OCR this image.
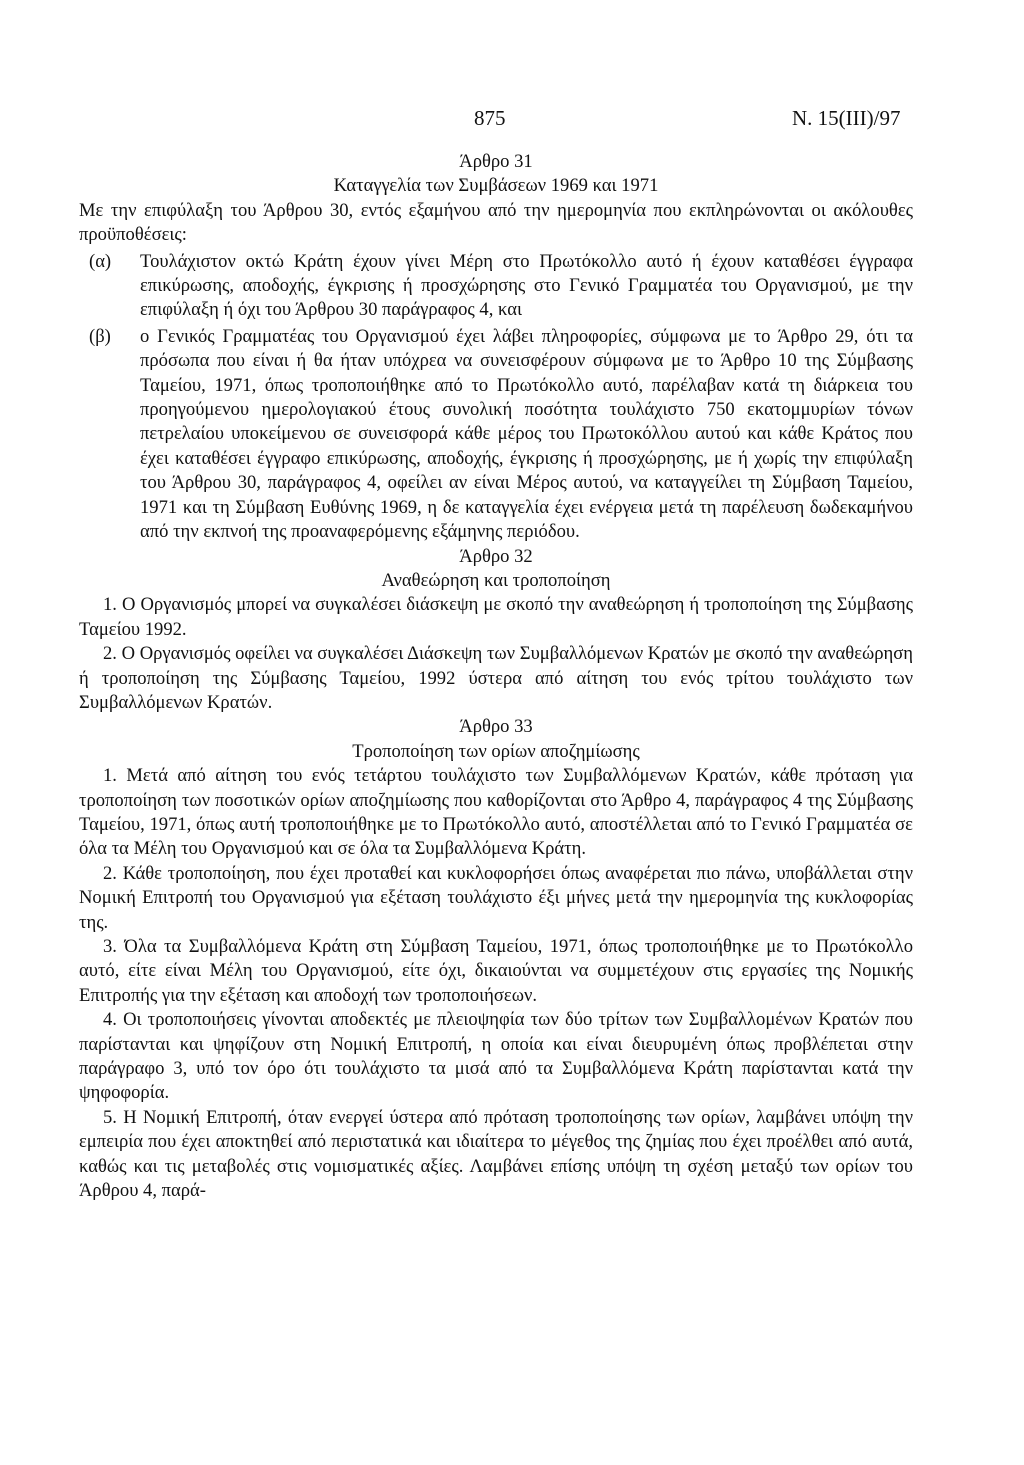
875	Ν. 15(III)/97

Άρθρο 31

Καταγγελία των Συμβάσεων 1969 και 1971

Με την επιφύλαξη του Άρθρου 30, εντός εξαμήνου από την ημερομηνία που εκπληρώνονται οι ακόλουθες προϋποθέσεις:

(α) Τουλάχιστον οκτώ Κράτη έχουν γίνει Μέρη στο Πρωτόκολλο αυτό ή έχουν καταθέσει έγγραφα επικύρωσης, αποδοχής, έγκρισης ή προσχώρησης στο Γενικό Γραμματέα του Οργανισμού, με την επιφύλαξη ή όχι του Άρθρου 30 παράγραφος 4, και

(β) ο Γενικός Γραμματέας του Οργανισμού έχει λάβει πληροφορίες, σύμφωνα με το Άρθρο 29, ότι τα πρόσωπα που είναι ή θα ήταν υπόχρεα να συνεισφέρουν σύμφωνα με το Άρθρο 10 της Σύμβασης Ταμείου, 1971, όπως τροποποιήθηκε από το Πρωτόκολλο αυτό, παρέλαβαν κατά τη διάρκεια του προηγούμενου ημερολογιακού έτους συνολική ποσότητα τουλάχιστο 750 εκατομμυρίων τόνων πετρελαίου υποκείμενου σε συνεισφορά κάθε μέρος του Πρωτοκόλλου αυτού και κάθε Κράτος που έχει καταθέσει έγγραφο επικύρωσης, αποδοχής, έγκρισης ή προσχώρησης, με ή χωρίς την επιφύλαξη του Άρθρου 30, παράγραφος 4, οφείλει αν είναι Μέρος αυτού, να καταγγείλει τη Σύμβαση Ταμείου, 1971 και τη Σύμβαση Ευθύνης 1969, η δε καταγγελία έχει ενέργεια μετά τη παρέλευση δωδεκαμήνου από την εκπνοή της προαναφερόμενης εξάμηνης περιόδου.

Άρθρο 32

Αναθεώρηση και τροποποίηση

1. Ο Οργανισμός μπορεί να συγκαλέσει διάσκεψη με σκοπό την αναθεώρηση ή τροποποίηση της Σύμβασης Ταμείου 1992.

2. Ο Οργανισμός οφείλει να συγκαλέσει Διάσκεψη των Συμβαλλόμενων Κρατών με σκοπό την αναθεώρηση ή τροποποίηση της Σύμβασης Ταμείου, 1992 ύστερα από αίτηση του ενός τρίτου τουλάχιστο των Συμβαλλόμενων Κρατών.

Άρθρο 33

Τροποποίηση των ορίων αποζημίωσης

1. Μετά από αίτηση του ενός τετάρτου τουλάχιστο των Συμβαλλόμενων Κρατών, κάθε πρόταση για τροποποίηση των ποσοτικών ορίων αποζημίωσης που καθορίζονται στο Άρθρο 4, παράγραφος 4 της Σύμβασης Ταμείου, 1971, όπως αυτή τροποποιήθηκε με το Πρωτόκολλο αυτό, αποστέλλεται από το Γενικό Γραμματέα σε όλα τα Μέλη του Οργανισμού και σε όλα τα Συμβαλλόμενα Κράτη.

2. Κάθε τροποποίηση, που έχει προταθεί και κυκλοφορήσει όπως αναφέρεται πιο πάνω, υποβάλλεται στην Νομική Επιτροπή του Οργανισμού για εξέταση τουλάχιστο έξι μήνες μετά την ημερομηνία της κυκλοφορίας της.

3. Όλα τα Συμβαλλόμενα Κράτη στη Σύμβαση Ταμείου, 1971, όπως τροποποιήθηκε με το Πρωτόκολλο αυτό, είτε είναι Μέλη του Οργανισμού, είτε όχι, δικαιούνται να συμμετέχουν στις εργασίες της Νομικής Επιτροπής για την εξέταση και αποδοχή των τροποποιήσεων.

4. Οι τροποποιήσεις γίνονται αποδεκτές με πλειοψηφία των δύο τρίτων των Συμβαλλομένων Κρατών που παρίστανται και ψηφίζουν στη Νομική Επιτροπή, η οποία και είναι διευρυμένη όπως προβλέπεται στην παράγραφο 3, υπό τον όρο ότι τουλάχιστο τα μισά από τα Συμβαλλόμενα Κράτη παρίστανται κατά την ψηφοφορία.

5. Η Νομική Επιτροπή, όταν ενεργεί ύστερα από πρόταση τροποποίησης των ορίων, λαμβάνει υπόψη την εμπειρία που έχει αποκτηθεί από περιστατικά και ιδιαίτερα το μέγεθος της ζημίας που έχει προέλθει από αυτά, καθώς και τις μεταβολές στις νομισματικές αξίες. Λαμβάνει επίσης υπόψη τη σχέση μεταξύ των ορίων του Άρθρου 4, παρά-
